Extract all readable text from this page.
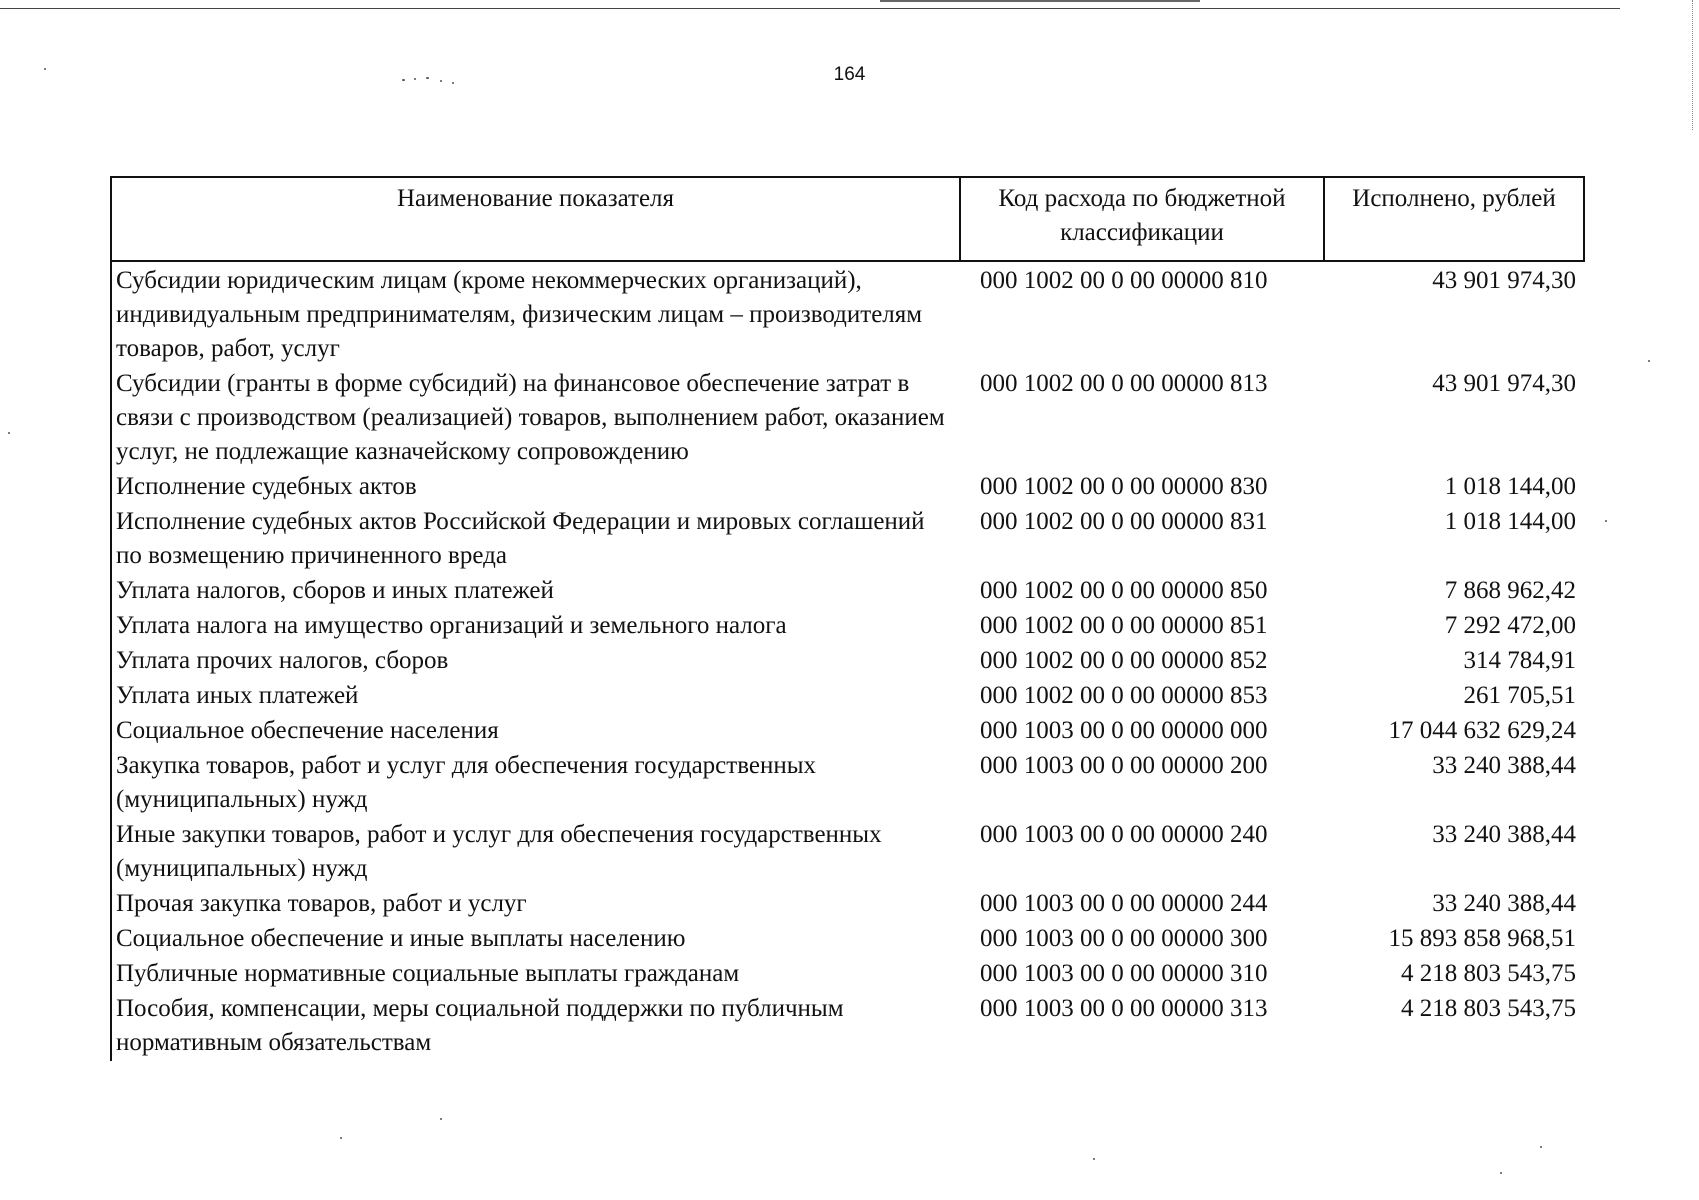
164
Наименование показателя	Код расхода по бюджетной классификации	Исполнено, рублей
Субсидии юридическим лицам (кроме некоммерческих организаций), индивидуальным предпринимателям, физическим лицам – производителям товаров, работ, услуг	000 1002 00 0 00 00000 810	43 901 974,30
Субсидии (гранты в форме субсидий) на финансовое обеспечение затрат в связи с производством (реализацией) товаров, выполнением работ, оказанием услуг, не подлежащие казначейскому сопровождению	000 1002 00 0 00 00000 813	43 901 974,30
Исполнение судебных актов	000 1002 00 0 00 00000 830	1 018 144,00
Исполнение судебных актов Российской Федерации и мировых соглашений по возмещению причиненного вреда	000 1002 00 0 00 00000 831	1 018 144,00
Уплата налогов, сборов и иных платежей	000 1002 00 0 00 00000 850	7 868 962,42
Уплата налога на имущество организаций и земельного налога	000 1002 00 0 00 00000 851	7 292 472,00
Уплата прочих налогов, сборов	000 1002 00 0 00 00000 852	314 784,91
Уплата иных платежей	000 1002 00 0 00 00000 853	261 705,51
Социальное обеспечение населения	000 1003 00 0 00 00000 000	17 044 632 629,24
Закупка товаров, работ и услуг для обеспечения государственных (муниципальных) нужд	000 1003 00 0 00 00000 200	33 240 388,44
Иные закупки товаров, работ и услуг для обеспечения государственных (муниципальных) нужд	000 1003 00 0 00 00000 240	33 240 388,44
Прочая закупка товаров, работ и услуг	000 1003 00 0 00 00000 244	33 240 388,44
Социальное обеспечение и иные выплаты населению	000 1003 00 0 00 00000 300	15 893 858 968,51
Публичные нормативные социальные выплаты гражданам	000 1003 00 0 00 00000 310	4 218 803 543,75
Пособия, компенсации, меры социальной поддержки по публичным нормативным обязательствам	000 1003 00 0 00 00000 313	4 218 803 543,75
